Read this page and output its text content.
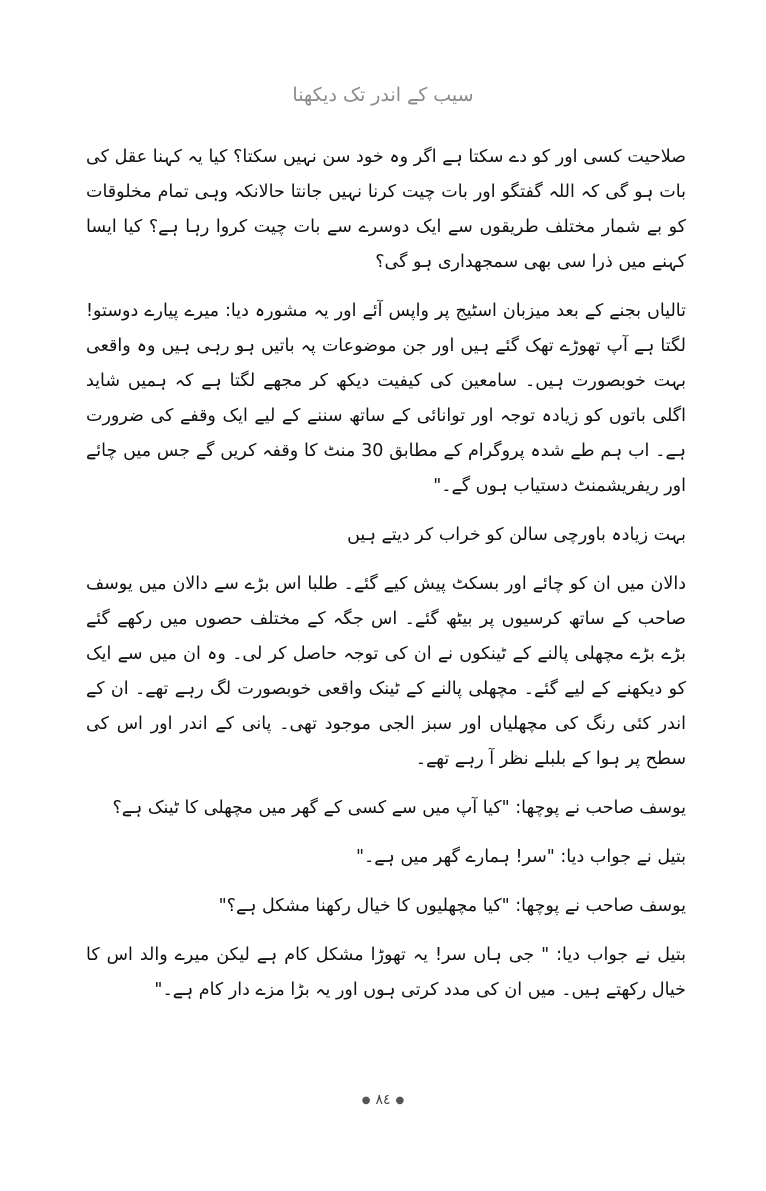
سیب کے اندر تک دیکھنا

صلاحیت کسی اور کو دے سکتا ہے اگر وہ خود سن نہیں سکتا؟ کیا یہ کہنا عقل کی بات ہو گی کہ اللہ گفتگو اور بات چیت کرنا نہیں جانتا حالانکہ وہی تمام مخلوقات کو بے شمار مختلف طریقوں سے ایک دوسرے سے بات چیت کروا رہا ہے؟ کیا ایسا کہنے میں ذرا سی بھی سمجھداری ہو گی؟

تالیاں بجنے کے بعد میزبان اسٹیج پر واپس آئے اور یہ مشورہ دیا: میرے پیارے دوستو! لگتا ہے آپ تھوڑے تھک گئے ہیں اور جن موضوعات پہ باتیں ہو رہی ہیں وہ واقعی بہت خوبصورت ہیں۔ سامعین کی کیفیت دیکھ کر مجھے لگتا ہے کہ ہمیں شاید اگلی باتوں کو زیادہ توجہ اور توانائی کے ساتھ سننے کے لیے ایک وقفے کی ضرورت ہے۔ اب ہم طے شدہ پروگرام کے مطابق 30 منٹ کا وقفہ کریں گے جس میں چائے اور ریفریشمنٹ دستیاب ہوں گے۔"

بہت زیادہ باورچی سالن کو خراب کر دیتے ہیں

دالان میں ان کو چائے اور بسکٹ پیش کیے گئے۔ طلبا اس بڑے سے دالان میں یوسف صاحب کے ساتھ کرسیوں پر بیٹھ گئے۔ اس جگہ کے مختلف حصوں میں رکھے گئے بڑے بڑے مچھلی پالنے کے ٹینکوں نے ان کی توجہ حاصل کر لی۔ وہ ان میں سے ایک کو دیکھنے کے لیے گئے۔ مچھلی پالنے کے ٹینک واقعی خوبصورت لگ رہے تھے۔ ان کے اندر کئی رنگ کی مچھلیاں اور سبز الجی موجود تھی۔ پانی کے اندر اور اس کی سطح پر ہوا کے بلبلے نظر آ رہے تھے۔

یوسف صاحب نے پوچھا: "کیا آپ میں سے کسی کے گھر میں مچھلی کا ٹینک ہے؟

بتیل نے جواب دیا: "سر! ہمارے گھر میں ہے۔"

یوسف صاحب نے پوچھا: "کیا مچھلیوں کا خیال رکھنا مشکل ہے؟"

بتیل نے جواب دیا: " جی ہاں سر! یہ تھوڑا مشکل کام ہے لیکن میرے والد اس کا خیال رکھتے ہیں۔ میں ان کی مدد کرتی ہوں اور یہ بڑا مزے دار کام ہے۔"

●٨٤●
